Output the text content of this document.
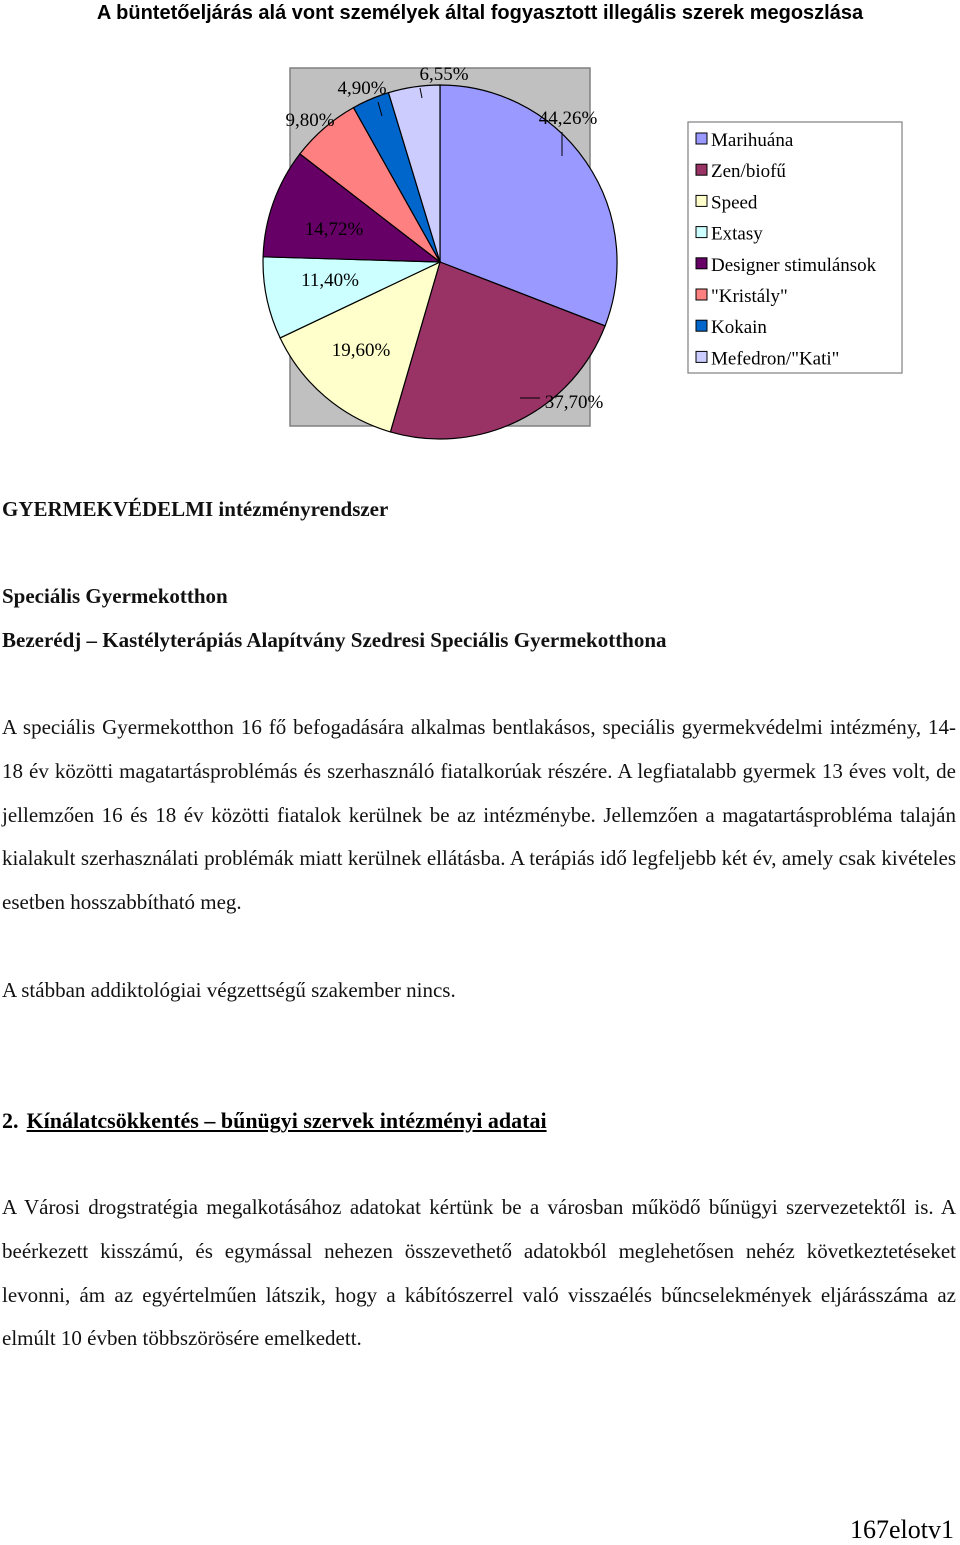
A büntetőeljárás alá vont személyek által fogyasztott illegális szerek megoszlása
44,26%
37,70%
19,60%
11,40%
14,72%
9,80%
4,90%
6,55%
Marihuána
Zen/biofű
Speed
Extasy
Designer stimulánsok
"Kristály"
Kokain
Mefedron/"Kati"
GYERMEKVÉDELMI intézményrendszer
Speciális Gyermekotthon
Bezerédj – Kastélyterápiás Alapítvány Szedresi Speciális Gyermekotthona
A speciális Gyermekotthon 16 fő befogadására alkalmas bentlakásos, speciális gyermekvédelmi intézmény, 14-18 év közötti magatartásproblémás és szerhasználó fiatalkorúak részére. A legfiatalabb gyermek 13 éves volt, de jellemzően 16 és 18 év közötti fiatalok kerülnek be az intézménybe. Jellemzően a magatartásprobléma talaján kialakult szerhasználati problémák miatt kerülnek ellátásba. A terápiás idő legfeljebb két év, amely csak kivételes esetben hosszabbítható meg.
A stábban addiktológiai végzettségű szakember nincs.
2. Kínálatcsökkentés – bűnügyi szervek intézményi adatai
A Városi drogstratégia megalkotásához adatokat kértünk be a városban működő bűnügyi szervezetektől is. A beérkezett kisszámú, és egymással nehezen összevethető adatokból meglehetősen nehéz következtetéseket levonni, ám az egyértelműen látszik, hogy a kábítószerrel való visszaélés bűncselekmények eljárásszáma az elmúlt 10 évben többszörösére emelkedett.
167elotv1
